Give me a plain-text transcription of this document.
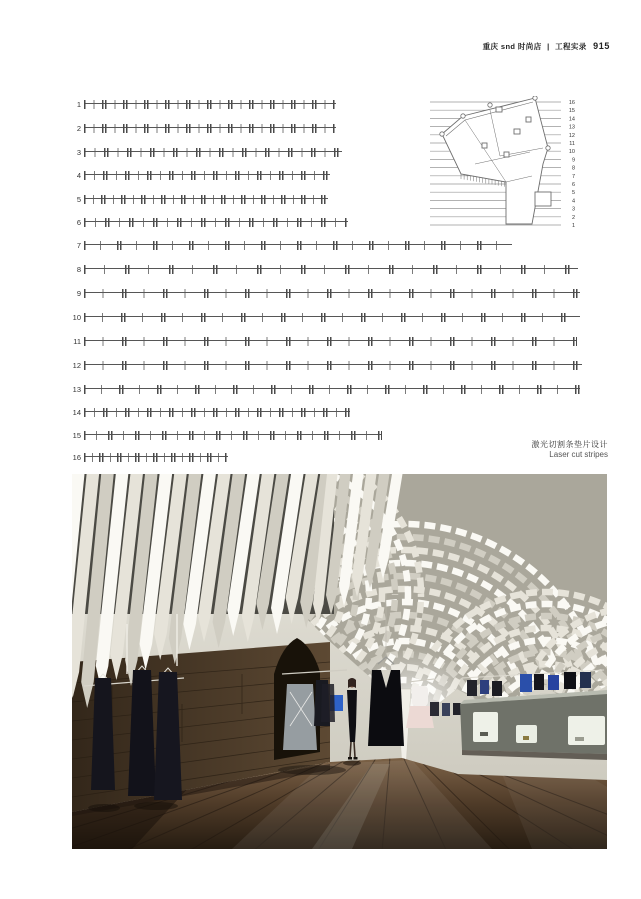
重庆 snd 时尚店 | 工程实录 915
1
2
3
4
5
6
7
8
9
10
11
12
13
14
15
16
16
15
14
13
12
11
10
9
8
7
6
5
4
3
2
1
激光切割条垫片设计
Laser cut stripes
